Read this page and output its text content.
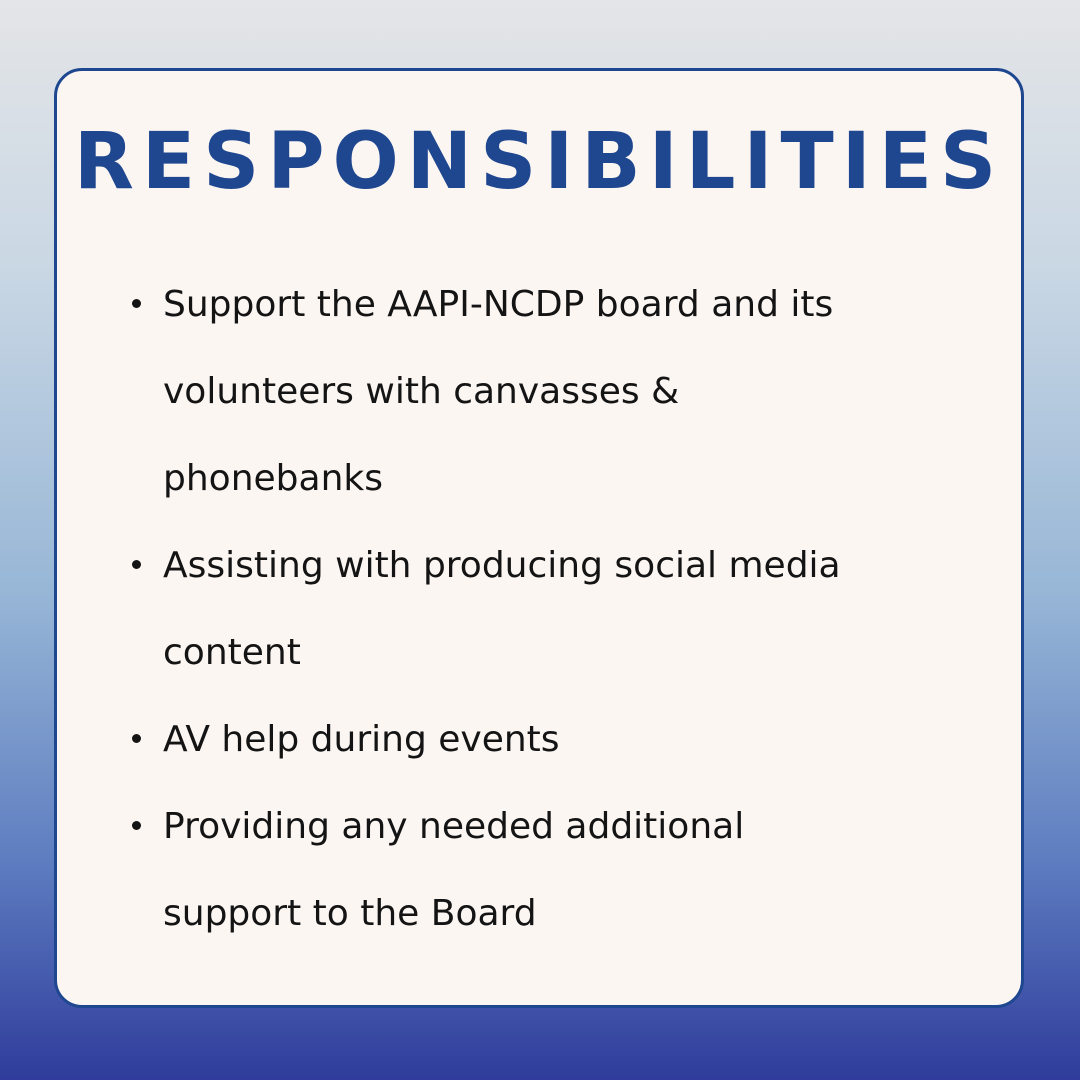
RESPONSIBILITIES
Support the AAPI-NCDP board and its
volunteers with canvasses &
phonebanks
Assisting with producing social media
content
AV help during events
Providing any needed additional
support to the Board
